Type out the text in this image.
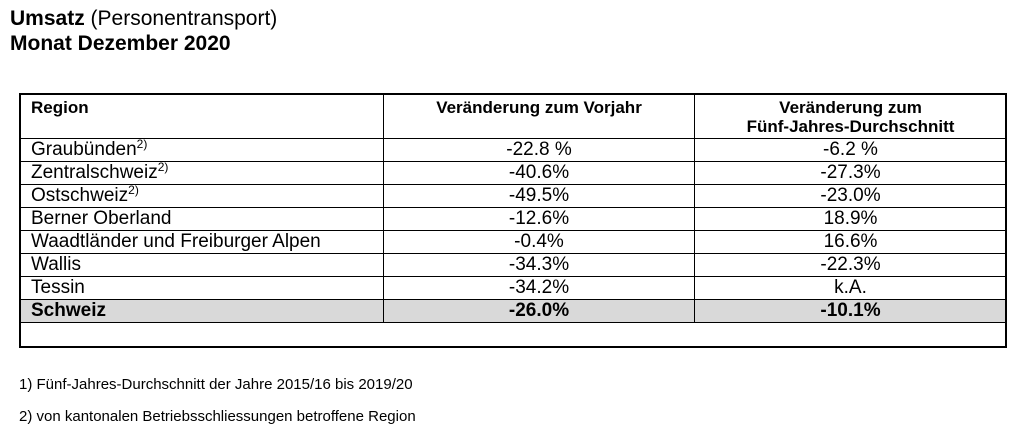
Umsatz (Personentransport)
Monat Dezember 2020
Region	Veränderung zum Vorjahr	Veränderung zum
Fünf-Jahres-Durchschnitt
Graubünden$^{2)}$	-22.8 %	-6.2 %
Zentralschweiz$^{2)}$	-40.6%	-27.3%
Ostschweiz$^{2)}$	-49.5%	-23.0%
Berner Oberland	-12.6%	18.9%
Waadtländer und Freiburger Alpen	-0.4%	16.6%
Wallis	-34.3%	-22.3%
Tessin	-34.2%	k.A.
Schweiz	-26.0%	-10.1%
1) Fünf-Jahres-Durchschnitt der Jahre 2015/16 bis 2019/20
2) von kantonalen Betriebsschliessungen betroffene Region
